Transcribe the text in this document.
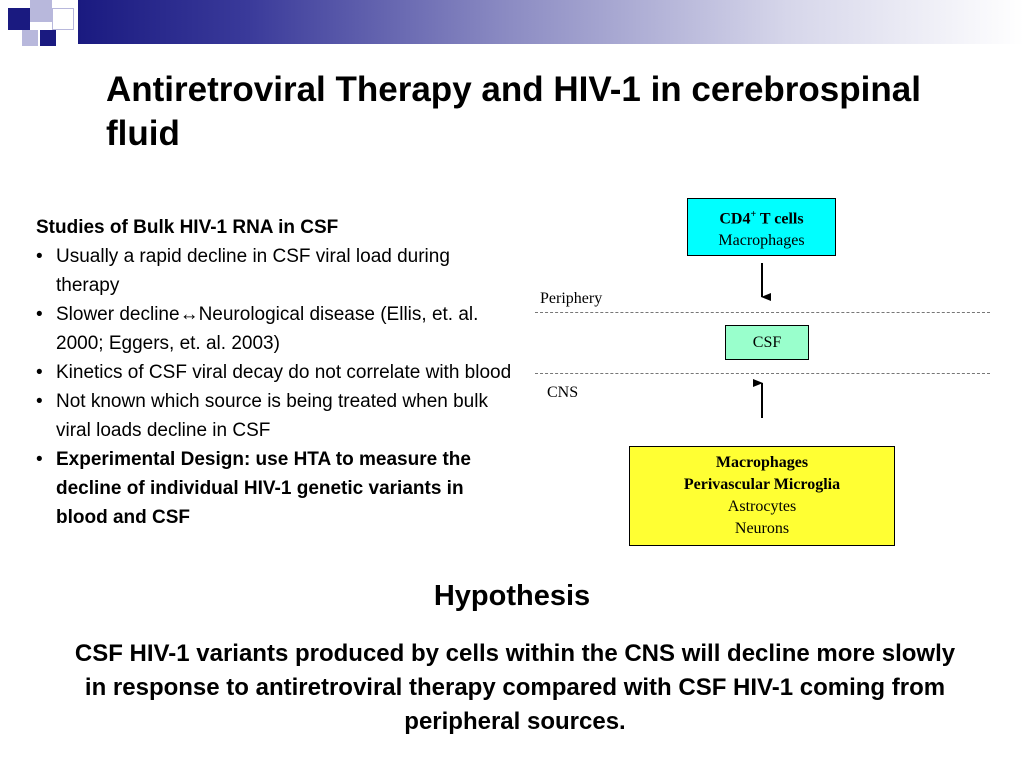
Antiretroviral Therapy and HIV-1 in cerebrospinal fluid
Studies of Bulk HIV-1 RNA in CSF
• Usually a rapid decline in CSF viral load during therapy
• Slower decline↔Neurological disease (Ellis, et. al. 2000; Eggers, et. al. 2003)
• Kinetics of CSF viral decay do not correlate with blood
• Not known which source is being treated when bulk viral loads decline in CSF
• Experimental Design: use HTA to measure the decline of individual HIV-1 genetic variants in blood and CSF
CD4+ T cells
Macrophages
Periphery
CSF
CNS
Macrophages
Perivascular Microglia
Astrocytes
Neurons
Hypothesis
CSF HIV-1 variants produced by cells within the CNS will decline more slowly in response to antiretroviral therapy compared with CSF HIV-1 coming from peripheral sources.
